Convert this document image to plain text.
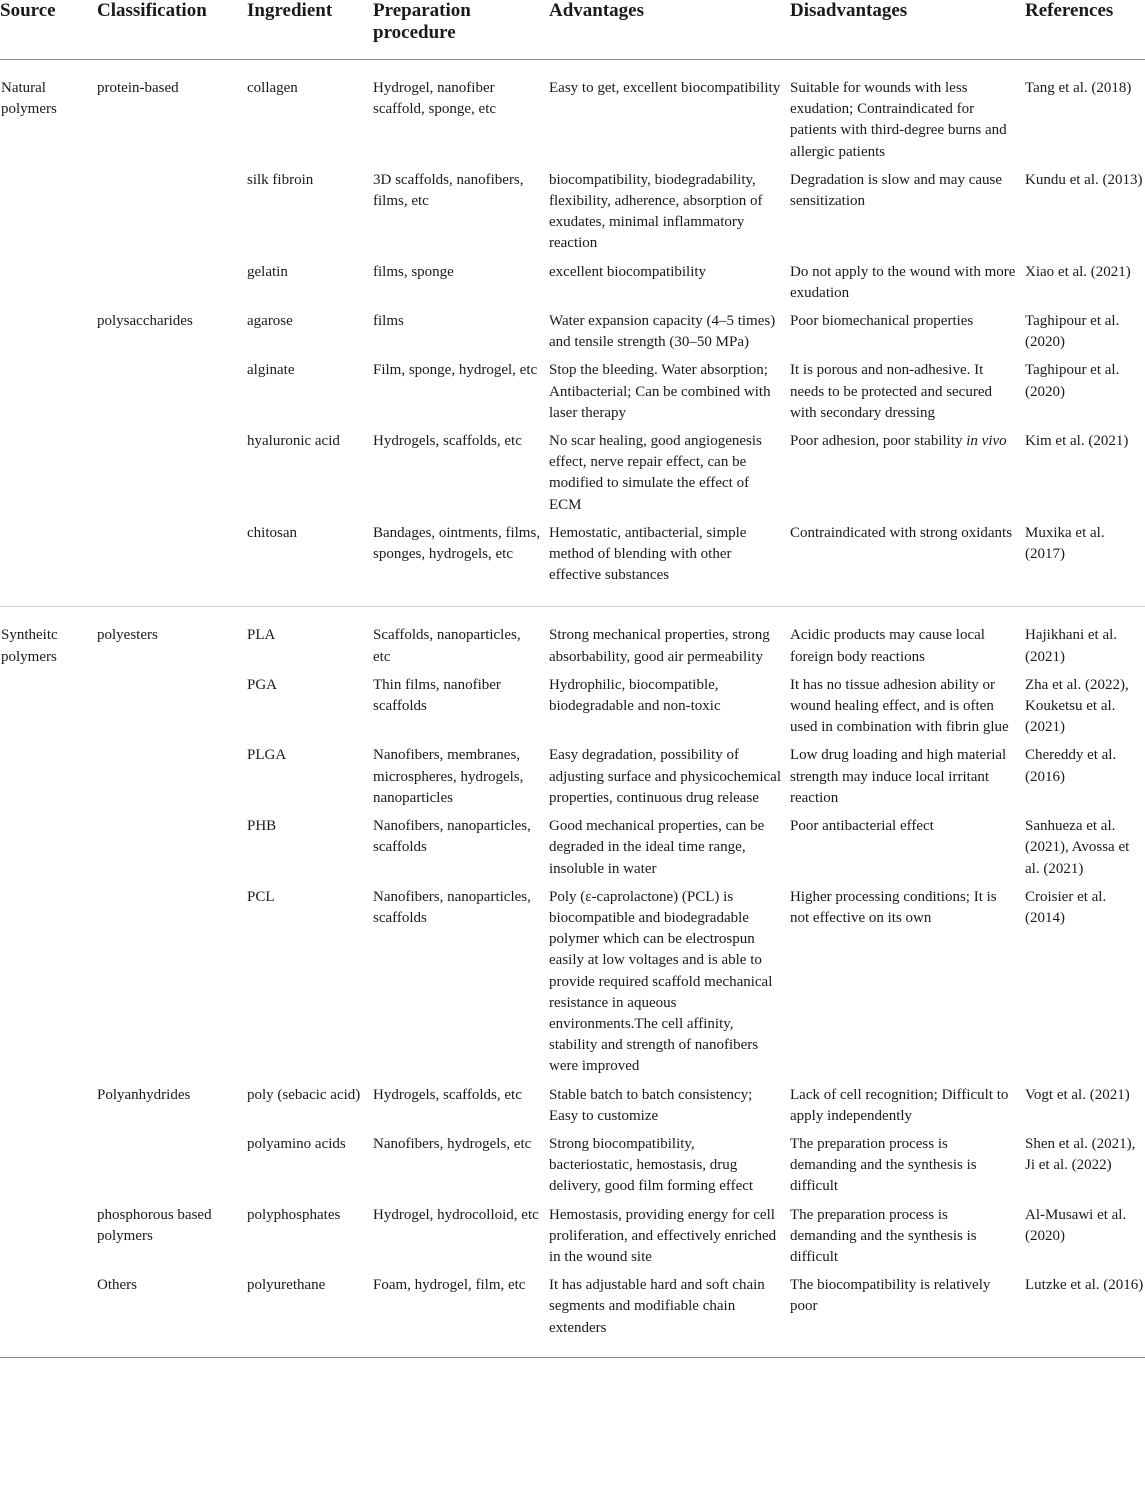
Source	Classification	Ingredient	Preparation procedure	Advantages	Disadvantages	References
Natural polymers	protein-based	collagen	Hydrogel, nanofiber scaffold, sponge, etc	Easy to get, excellent biocompatibility	Suitable for wounds with less exudation; Contraindicated for patients with third-degree burns and allergic patients	Tang et al. (2018)
		silk fibroin	3D scaffolds, nanofibers, films, etc	biocompatibility, biodegradability, flexibility, adherence, absorption of exudates, minimal inflammatory reaction	Degradation is slow and may cause sensitization	Kundu et al. (2013)
		gelatin	films, sponge	excellent biocompatibility	Do not apply to the wound with more exudation	Xiao et al. (2021)
	polysaccharides	agarose	films	Water expansion capacity (4–5 times) and tensile strength (30–50 MPa)	Poor biomechanical properties	Taghipour et al. (2020)
		alginate	Film, sponge, hydrogel, etc	Stop the bleeding. Water absorption; Antibacterial; Can be combined with laser therapy	It is porous and non-adhesive. It needs to be protected and secured with secondary dressing	Taghipour et al. (2020)
		hyaluronic acid	Hydrogels, scaffolds, etc	No scar healing, good angiogenesis effect, nerve repair effect, can be modified to simulate the effect of ECM	Poor adhesion, poor stability in vivo	Kim et al. (2021)
		chitosan	Bandages, ointments, films, sponges, hydrogels, etc	Hemostatic, antibacterial, simple method of blending with other effective substances	Contraindicated with strong oxidants	Muxika et al. (2017)
Syntheitc polymers	polyesters	PLA	Scaffolds, nanoparticles, etc	Strong mechanical properties, strong absorbability, good air permeability	Acidic products may cause local foreign body reactions	Hajikhani et al. (2021)
		PGA	Thin films, nanofiber scaffolds	Hydrophilic, biocompatible, biodegradable and non-toxic	It has no tissue adhesion ability or wound healing effect, and is often used in combination with fibrin glue	Zha et al. (2022), Kouketsu et al. (2021)
		PLGA	Nanofibers, membranes, microspheres, hydrogels, nanoparticles	Easy degradation, possibility of adjusting surface and physicochemical properties, continuous drug release	Low drug loading and high material strength may induce local irritant reaction	Chereddy et al. (2016)
		PHB	Nanofibers, nanoparticles, scaffolds	Good mechanical properties, can be degraded in the ideal time range, insoluble in water	Poor antibacterial effect	Sanhueza et al. (2021), Avossa et al. (2021)
		PCL	Nanofibers, nanoparticles, scaffolds	Poly (ε-caprolactone) (PCL) is biocompatible and biodegradable polymer which can be electrospun easily at low voltages and is able to provide required scaffold mechanical resistance in aqueous environments.The cell affinity, stability and strength of nanofibers were improved	Higher processing conditions; It is not effective on its own	Croisier et al. (2014)
	Polyanhydrides	poly (sebacic acid)	Hydrogels, scaffolds, etc	Stable batch to batch consistency; Easy to customize	Lack of cell recognition; Difficult to apply independently	Vogt et al. (2021)
		polyamino acids	Nanofibers, hydrogels, etc	Strong biocompatibility, bacteriostatic, hemostasis, drug delivery, good film forming effect	The preparation process is demanding and the synthesis is difficult	Shen et al. (2021), Ji et al. (2022)
	phosphorous based polymers	polyphosphates	Hydrogel, hydrocolloid, etc	Hemostasis, providing energy for cell proliferation, and effectively enriched in the wound site	The preparation process is demanding and the synthesis is difficult	Al-Musawi et al. (2020)
	Others	polyurethane	Foam, hydrogel, film, etc	It has adjustable hard and soft chain segments and modifiable chain extenders	The biocompatibility is relatively poor	Lutzke et al. (2016)
